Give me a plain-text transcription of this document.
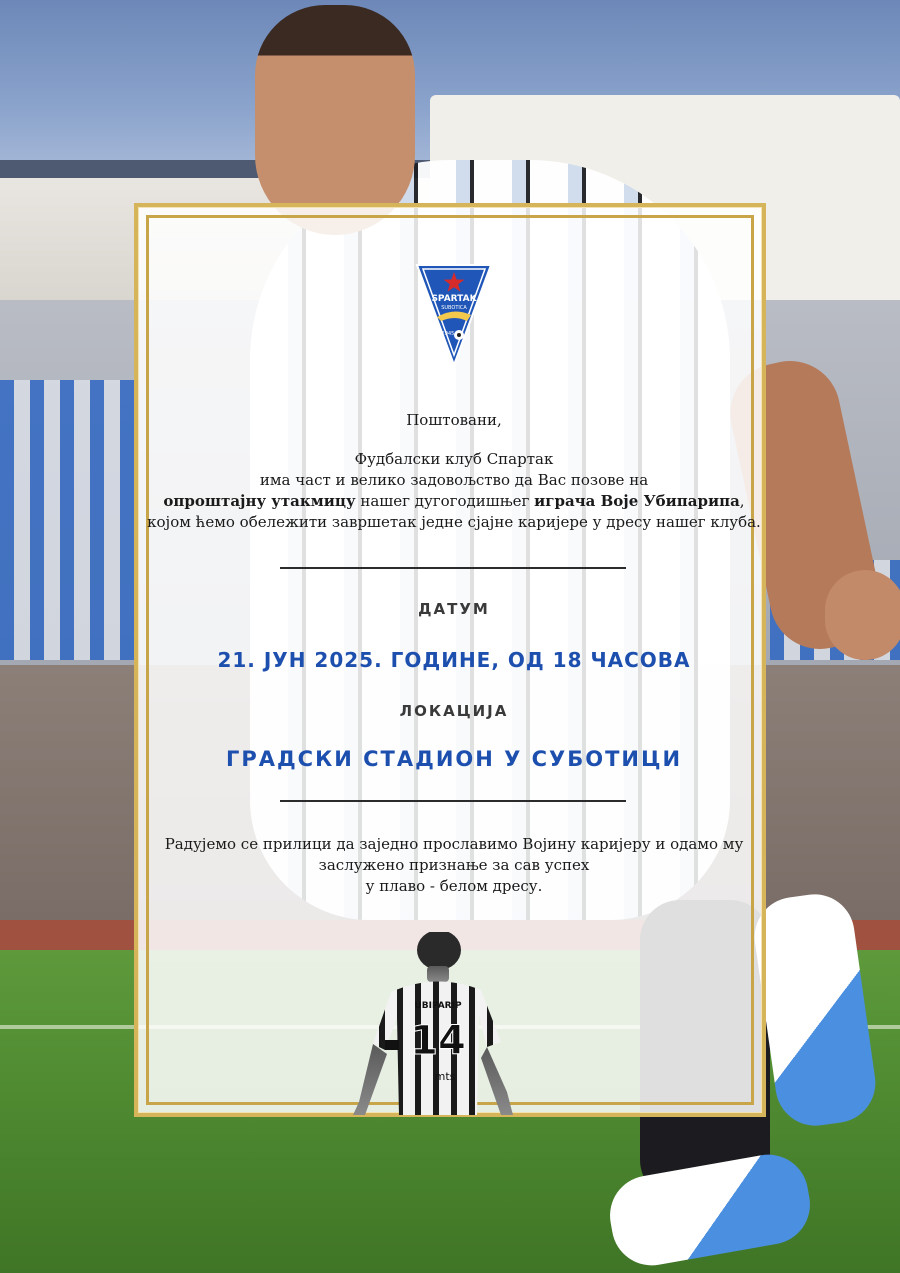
SPARTAK
SUBOTICA
1945
Поштовани,
Фудбалски клуб Спартак
има част и велико задовољство да Вас позове на
опроштајну утакмицу нашег дугогодишњег играча Воје Убипарипа,
којом ћемо обележити завршетак једне сјајне каријере у дресу нашег клуба.
ДАТУМ
21. ЈУН 2025. ГОДИНЕ, ОД 18 ЧАСОВА
ЛОКАЦИЈА
ГРАДСКИ СТАДИОН У СУБОТИЦИ
Радујемо се прилици да заједно прославимо Војину каријеру и одамо му
заслужено признање за сав успех
у плаво - белом дресу.
UBIPARIP
14
mts
